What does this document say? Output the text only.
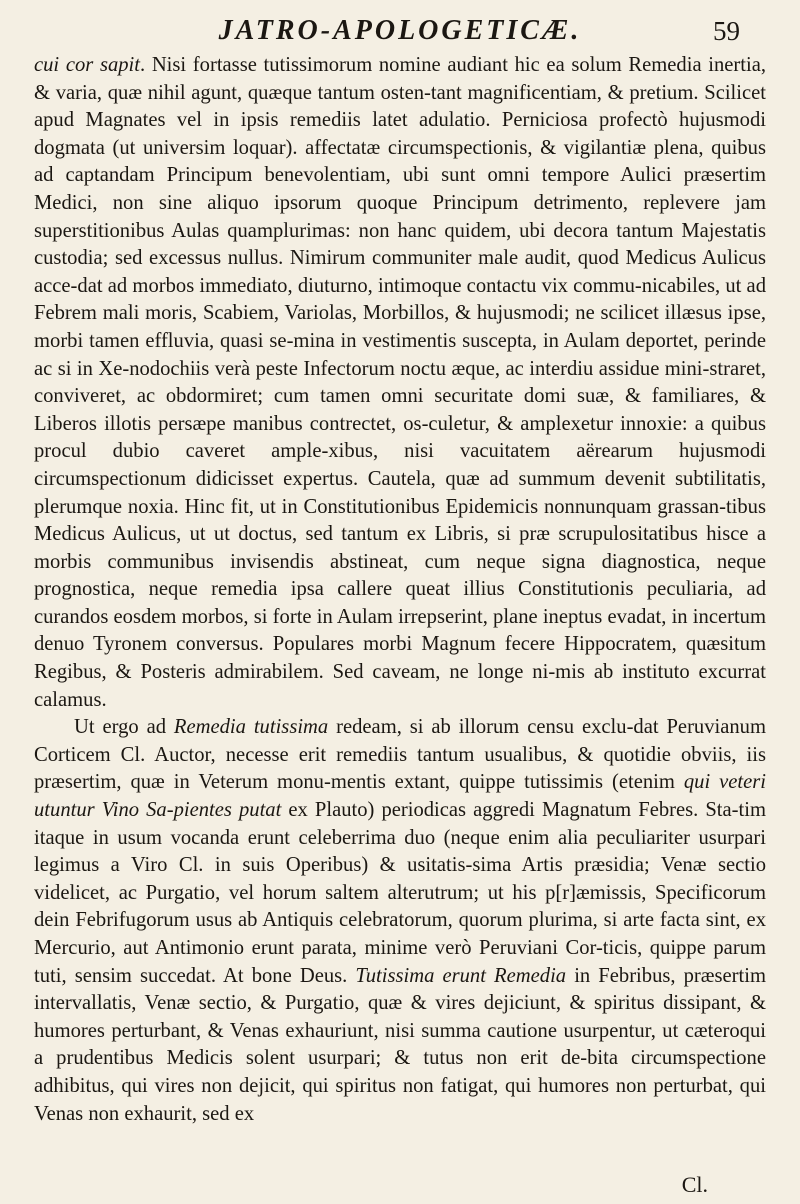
JATRO-APOLOGETICÆ.	59

cui cor sapit. Nisi fortasse tutissimorum nomine audiant hic ea solum Remedia inertia, & varia, quæ nihil agunt, quæque tantum osten-tant magnificentiam, & pretium. Scilicet apud Magnates vel in ipsis remediis latet adulatio. Perniciosa profectò hujusmodi dogmata (ut universim loquar). affectatæ circumspectionis, & vigilantiæ plena, quibus ad captandam Principum benevolentiam, ubi sunt omni tempore Aulici præsertim Medici, non sine aliquo ipsorum quoque Principum detrimento, replevere jam superstitionibus Aulas quamplurimas: non hanc quidem, ubi decora tantum Majestatis custodia; sed excessus nullus. Nimirum communiter male audit, quod Medicus Aulicus acce-dat ad morbos immediato, diuturno, intimoque contactu vix commu-nicabiles, ut ad Febrem mali moris, Scabiem, Variolas, Morbillos, & hujusmodi; ne scilicet illæsus ipse, morbi tamen effluvia, quasi se-mina in vestimentis susceptа, in Aulam deportet, perinde ac si in Xe-nodochiis verà peste Infectorum noctu æque, ac interdiu assidue mini-straret, conviveret, ac obdormiret; cum tamen omni securitate domi suæ, & familiares, & Liberos illotis persæpe manibus contrectet, os-culetur, & amplexetur innoxie: a quibus procul dubio caveret ample-xibus, nisi vacuitatem aërearum hujusmodi circumspectionum didicisset expertus. Cautela, quæ ad summum devenit subtilitatis, plerumque noxia. Hinc fit, ut in Constitutionibus Epidemicis nonnunquam grassan-tibus Medicus Aulicus, ut ut doctus, sed tantum ex Libris, si præ scrupulositatibus hisce a morbis communibus invisendis abstineat, cum neque signa diagnostica, neque prognostica, neque remedia ipsa callere queat illius Constitutionis peculiaria, ad curandos eosdem morbos, si forte in Aulam irrepserint, plane ineptus evadat, in incertum denuo Tyronem conversus. Populares morbi Magnum fecere Hippocratem, quæsitum Regibus, & Posteris admirabilem. Sed caveam, ne longe ni-mis ab instituto excurrat calamus.

Ut ergo ad Remedia tutissima redeam, si ab illorum censu exclu-dat Peruvianum Corticem Cl. Auctor, necesse erit remediis tantum usualibus, & quotidie obviis, iis præsertim, quæ in Veterum monu-mentis extant, quippe tutissimis (etenim qui veteri utuntur Vino Sa-pientes putat ex Plauto) periodicas aggredi Magnatum Febres. Sta-tim itaque in usum vocanda erunt celeberrima duo (neque enim alia peculiariter usurpari legimus a Viro Cl. in suis Operibus) & usitatis-sima Artis præsidia; Venæ sectio videlicet, ac Purgatio, vel horum saltem alterutrum; ut his p[r]æmissis, Specificorum dein Febrifugorum usus ab Antiquis celebratorum, quorum plurima, si arte facta sint, ex Mercurio, aut Antimonio erunt parata, minime verò Peruviani Cor-ticis, quippe parum tuti, sensim succedat. At bone Deus. Tutissima erunt Remedia in Febribus, præsertim intervallatis, Venæ sectio, & Purgatio, quæ & vires dejiciunt, & spiritus dissipant, & humores perturbant, & Venas exhauriunt, nisi summa cautione usurpentur, ut cæteroqui a prudentibus Medicis solent usurpari; & tutus non erit de-bita circumspectione adhibitus, qui vires non dejicit, qui spiritus non fatigat, qui humores non perturbat, qui Venas non exhaurit, sed ex

Cl.
